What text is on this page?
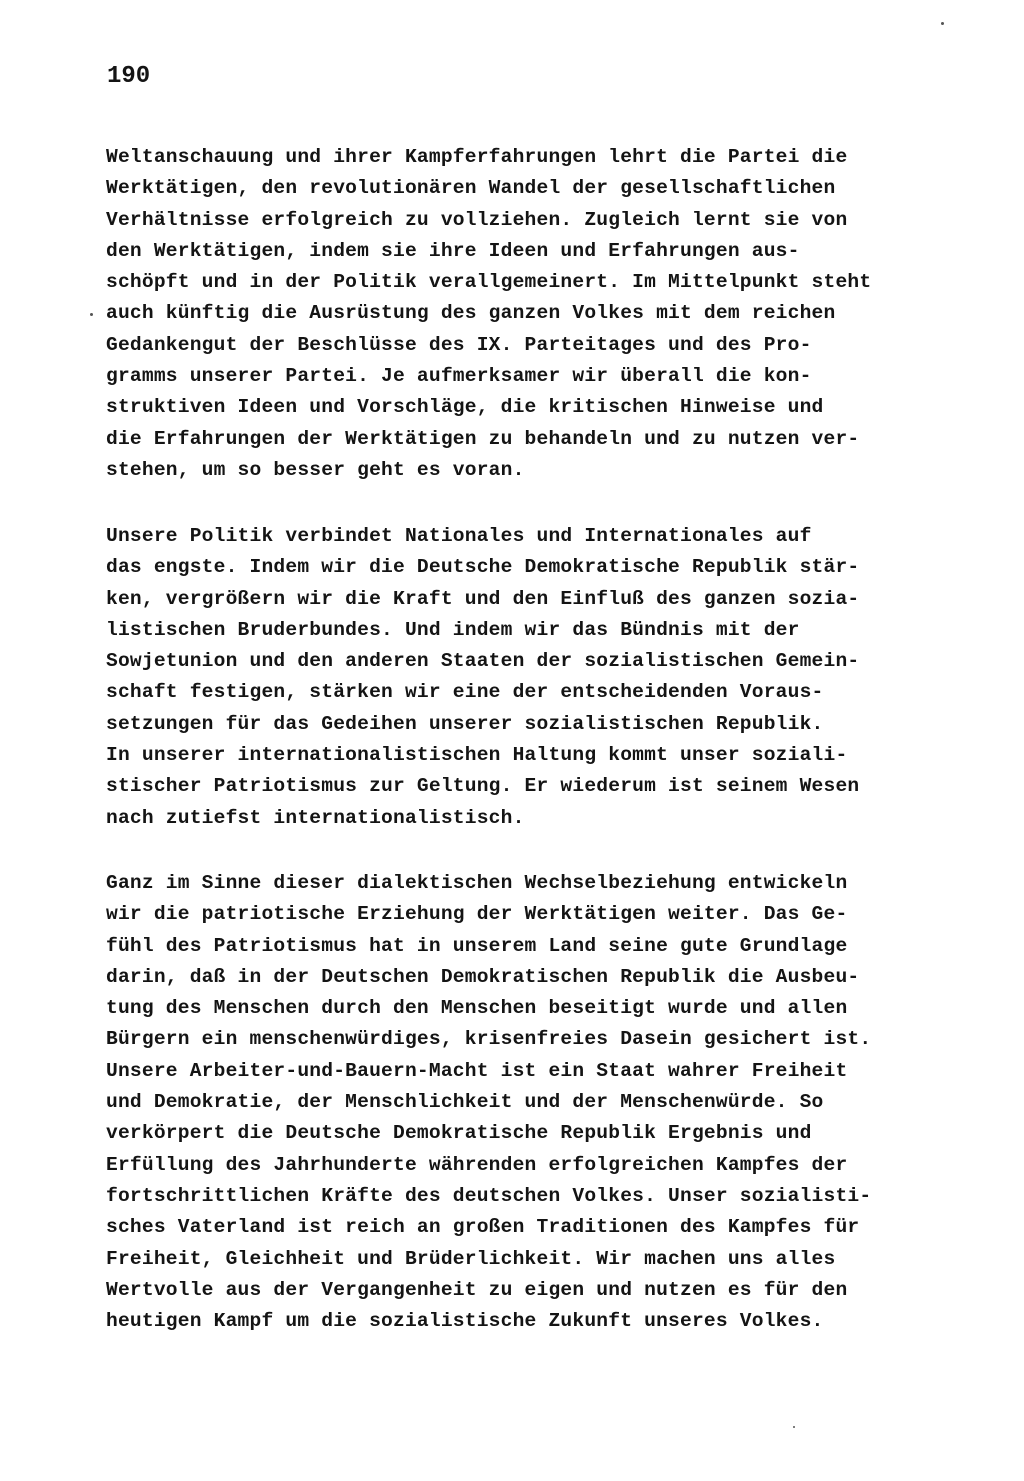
190
Weltanschauung und ihrer Kampferfahrungen lehrt die Partei die
Werktätigen, den revolutionären Wandel der gesellschaftlichen
Verhältnisse erfolgreich zu vollziehen. Zugleich lernt sie von
den Werktätigen, indem sie ihre Ideen und Erfahrungen aus-
schöpft und in der Politik verallgemeinert. Im Mittelpunkt steht
auch künftig die Ausrüstung des ganzen Volkes mit dem reichen
Gedankengut der Beschlüsse des IX. Parteitages und des Pro-
gramms unserer Partei. Je aufmerksamer wir überall die kon-
struktiven Ideen und Vorschläge, die kritischen Hinweise und
die Erfahrungen der Werktätigen zu behandeln und zu nutzen ver-
stehen, um so besser geht es voran.
Unsere Politik verbindet Nationales und Internationales auf
das engste. Indem wir die Deutsche Demokratische Republik stär-
ken, vergrößern wir die Kraft und den Einfluß des ganzen sozia-
listischen Bruderbundes. Und indem wir das Bündnis mit der
Sowjetunion und den anderen Staaten der sozialistischen Gemein-
schaft festigen, stärken wir eine der entscheidenden Voraus-
setzungen für das Gedeihen unserer sozialistischen Republik.
In unserer internationalistischen Haltung kommt unser soziali-
stischer Patriotismus zur Geltung. Er wiederum ist seinem Wesen
nach zutiefst internationalistisch.
Ganz im Sinne dieser dialektischen Wechselbeziehung entwickeln
wir die patriotische Erziehung der Werktätigen weiter. Das Ge-
fühl des Patriotismus hat in unserem Land seine gute Grundlage
darin, daß in der Deutschen Demokratischen Republik die Ausbeu-
tung des Menschen durch den Menschen beseitigt wurde und allen
Bürgern ein menschenwürdiges, krisenfreies Dasein gesichert ist.
Unsere Arbeiter-und-Bauern-Macht ist ein Staat wahrer Freiheit
und Demokratie, der Menschlichkeit und der Menschenwürde. So
verkörpert die Deutsche Demokratische Republik Ergebnis und
Erfüllung des Jahrhunderte währenden erfolgreichen Kampfes der
fortschrittlichen Kräfte des deutschen Volkes. Unser sozialisti-
sches Vaterland ist reich an großen Traditionen des Kampfes für
Freiheit, Gleichheit und Brüderlichkeit. Wir machen uns alles
Wertvolle aus der Vergangenheit zu eigen und nutzen es für den
heutigen Kampf um die sozialistische Zukunft unseres Volkes.
